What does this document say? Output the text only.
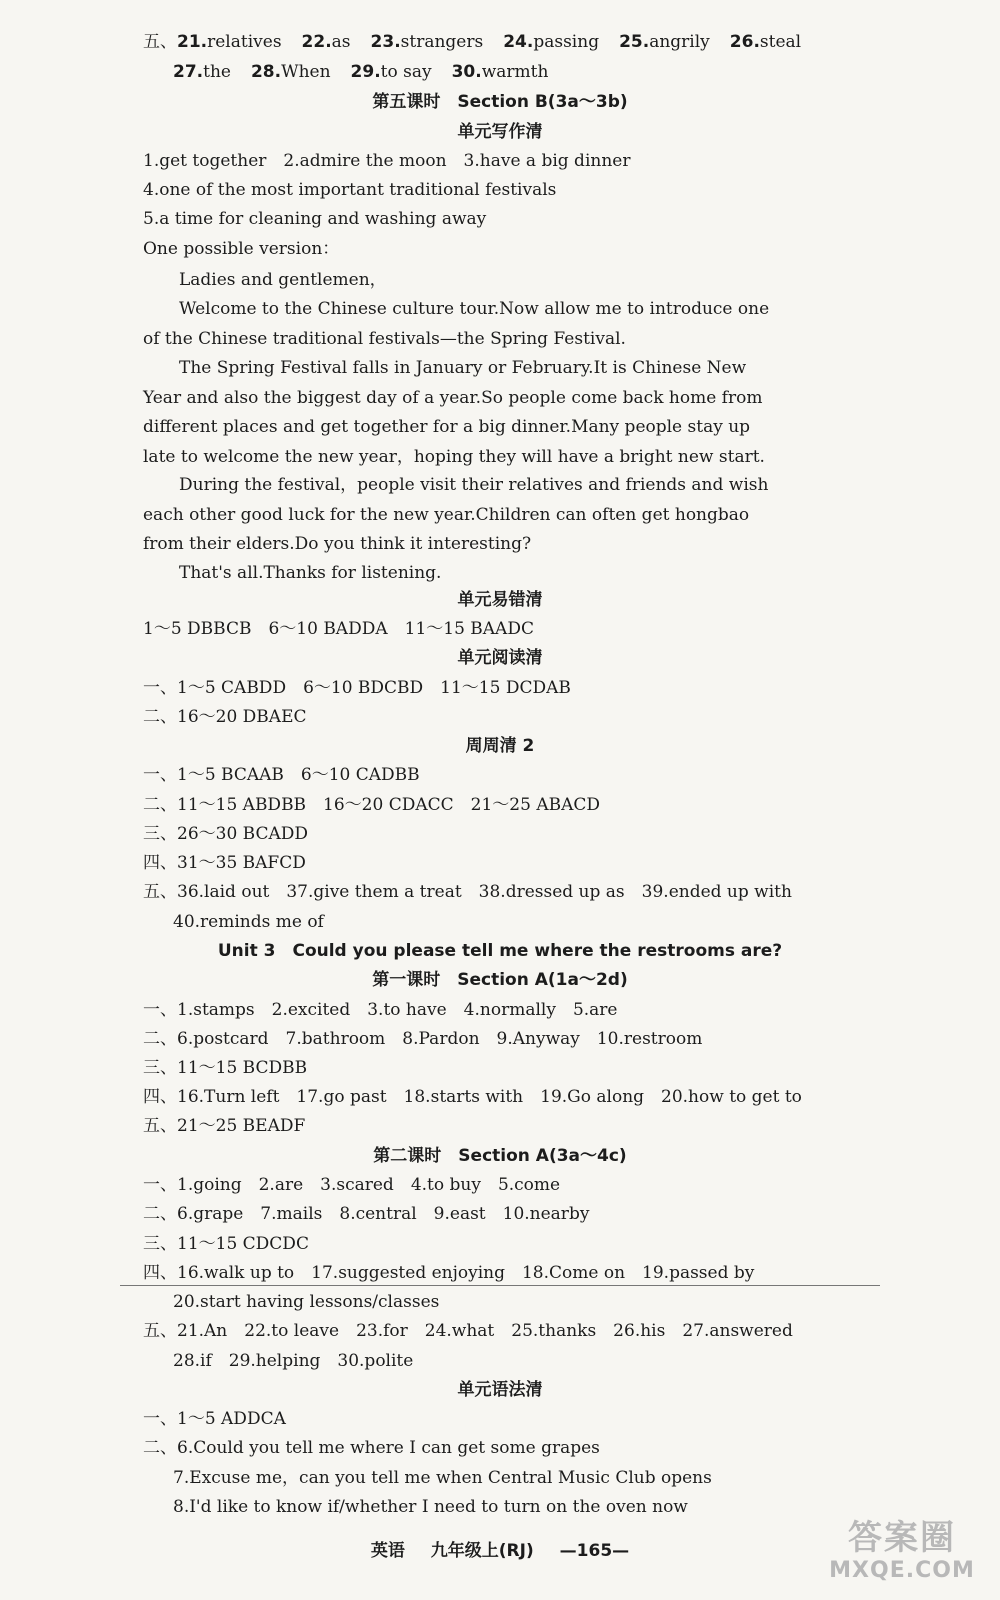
五、21.relatives 22.as 23.strangers 24.passing 25.angrily 26.steal
27.the 28.When 29.to say 30.warmth
第五课时　Section B(3a～3b)
单元写作清
1.get together　2.admire the moon　3.have a big dinner
4.one of the most important traditional festivals
5.a time for cleaning and washing away
One possible version：
Ladies and gentlemen，
Welcome to the Chinese culture tour.Now allow me to introduce one of the Chinese traditional festivals—the Spring Festival.
The Spring Festival falls in January or February.It is Chinese New Year and also the biggest day of a year.So people come back home from different places and get together for a big dinner.Many people stay up late to welcome the new year，hoping they will have a bright new start.
During the festival，people visit their relatives and friends and wish each other good luck for the new year.Children can often get hongbao from their elders.Do you think it interesting?
That's all.Thanks for listening.
单元易错清
1～5 DBBCB　6～10 BADDA　11～15 BAADC
单元阅读清
一、1～5 CABDD　6～10 BDCBD　11～15 DCDAB
二、16～20 DBAEC
周周清 2
一、1～5 BCAAB　6～10 CADBB
二、11～15 ABDBB　16～20 CDACC　21～25 ABACD
三、26～30 BCADD
四、31～35 BAFCD
五、36.laid out　37.give them a treat　38.dressed up as　39.ended up with
40.reminds me of
Unit 3　Could you please tell me where the restrooms are?
第一课时　Section A(1a～2d)
一、1.stamps　2.excited　3.to have　4.normally　5.are
二、6.postcard　7.bathroom　8.Pardon　9.Anyway　10.restroom
三、11～15 BCDBB
四、16.Turn left　17.go past　18.starts with　19.Go along　20.how to get to
五、21～25 BEADF
第二课时　Section A(3a～4c)
一、1.going　2.are　3.scared　4.to buy　5.come
二、6.grape　7.mails　8.central　9.east　10.nearby
三、11～15 CDCDC
四、16.walk up to　17.suggested enjoying　18.Come on　19.passed by
20.start having lessons/classes
五、21.An　22.to leave　23.for　24.what　25.thanks　26.his　27.answered
28.if　29.helping　30.polite
单元语法清
一、1～5 ADDCA
二、6.Could you tell me where I can get some grapes
7.Excuse me，can you tell me when Central Music Club opens
8.I'd like to know if/whether I need to turn on the oven now
英语 九年级上(RJ) —165—	答案圈
MXQE.COM
